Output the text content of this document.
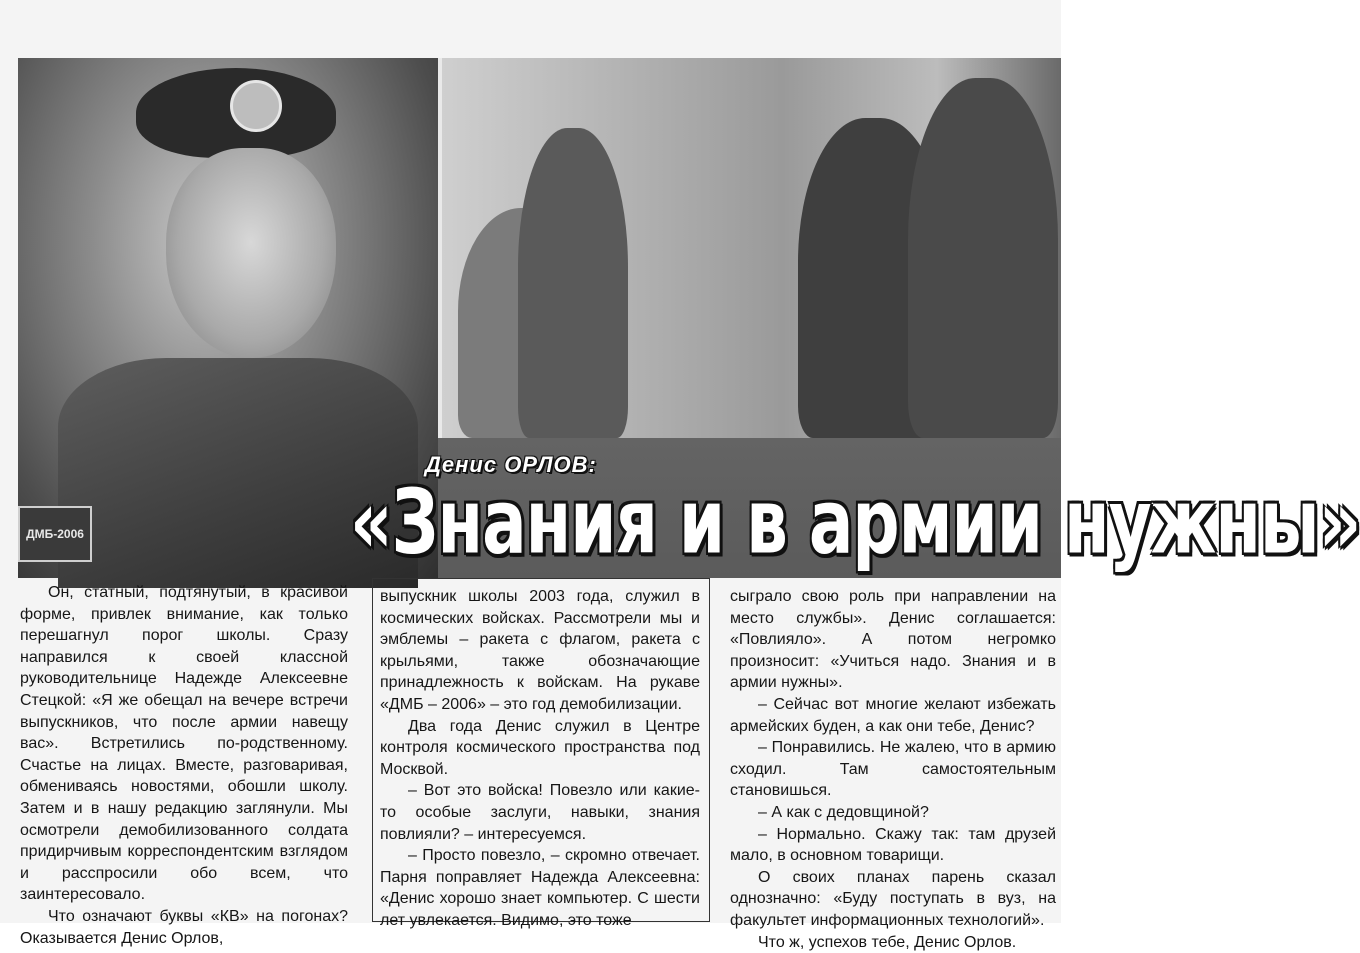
ДМБ-2006
Денис ОРЛОВ:
«Знания и в армии нужны»

Он, статный, подтянутый, в красивой форме, привлек внимание, как только перешагнул порог школы. Сразу направился к своей классной руководительнице Надежде Алексеевне Стецкой: «Я же обещал на вечере встречи выпускников, что после армии навещу вас». Встретились по-родственному. Счастье на лицах. Вместе, разговаривая, обмениваясь новостями, обошли школу. Затем и в нашу редакцию заглянули. Мы осмотрели демобилизованного солдата придирчивым корреспондентским взглядом и расспросили обо всем, что заинтересовало.

Что означают буквы «КВ» на погонах? Оказывается Денис Орлов,

выпускник школы 2003 года, служил в космических войсках. Рассмотрели мы и эмблемы – ракета с флагом, ракета с крыльями, также обозначающие принадлежность к войскам. На рукаве «ДМБ – 2006» – это год демобилизации.

Два года Денис служил в Центре контроля космического пространства под Москвой.

– Вот это войска! Повезло или какие-то особые заслуги, навыки, знания повлияли? – интересуемся.

– Просто повезло, – скромно отвечает. Парня поправляет Надежда Алексеевна: «Денис хорошо знает компьютер. С шести лет увлекается. Видимо, это тоже

сыграло свою роль при направлении на место службы». Денис соглашается: «Повлияло». А потом негромко произносит: «Учиться надо. Знания и в армии нужны».

– Сейчас вот многие желают избежать армейских буден, а как они тебе, Денис?

– Понравились. Не жалею, что в армию сходил. Там самостоятельным становишься.

– А как с дедовщиной?

– Нормально. Скажу так: там друзей мало, в основном товарищи.

О своих планах парень сказал однозначно: «Буду поступать в вуз, на факультет информационных технологий».

Что ж, успехов тебе, Денис Орлов.
